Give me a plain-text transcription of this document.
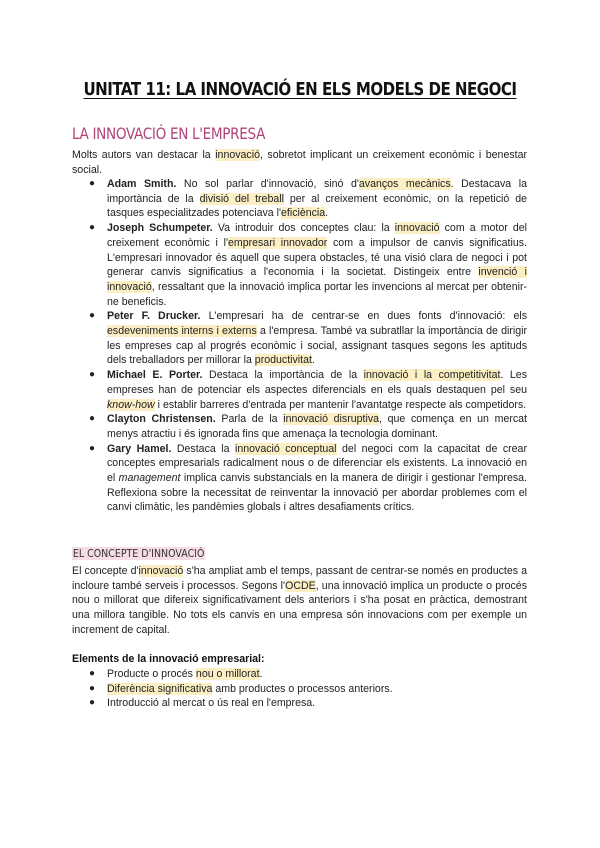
UNITAT 11: LA INNOVACIÓ EN ELS MODELS DE NEGOCI
LA INNOVACIÓ EN L'EMPRESA
Molts autors van destacar la innovació, sobretot implicant un creixement econòmic i benestar social.
● Adam Smith. No sol parlar d'innovació, sinó d'avanços mecànics. Destacava la importància de la divisió del treball per al creixement econòmic, on la repetició de tasques especialitzades potenciava l'eficiència.
● Joseph Schumpeter. Va introduir dos conceptes clau: la innovació com a motor del creixement econòmic i l'empresari innovador com a impulsor de canvis significatius. L'empresari innovador és aquell que supera obstacles, té una visió clara de negoci i pot generar canvis significatius a l'economia i la societat. Distingeix entre invenció i innovació, ressaltant que la innovació implica portar les invencions al mercat per obtenir-ne beneficis.
● Peter F. Drucker. L'empresari ha de centrar-se en dues fonts d'innovació: els esdeveniments interns i externs a l'empresa. També va subratllar la importància de dirigir les empreses cap al progrés econòmic i social, assignant tasques segons les aptituds dels treballadors per millorar la productivitat.
● Michael E. Porter. Destaca la importància de la innovació i la competitivitat. Les empreses han de potenciar els aspectes diferencials en els quals destaquen pel seu know-how i establir barreres d'entrada per mantenir l'avantatge respecte als competidors.
● Clayton Christensen. Parla de la innovació disruptiva, que comença en un mercat menys atractiu i és ignorada fins que amenaça la tecnologia dominant.
● Gary Hamel. Destaca la innovació conceptual del negoci com la capacitat de crear conceptes empresarials radicalment nous o de diferenciar els existents. La innovació en el management implica canvis substancials en la manera de dirigir i gestionar l'empresa. Reflexiona sobre la necessitat de reinventar la innovació per abordar problemes com el canvi climàtic, les pandèmies globals i altres desafiaments crítics.
EL CONCEPTE D'INNOVACIÓ
El concepte d'innovació s'ha ampliat amb el temps, passant de centrar-se només en productes a incloure també serveis i processos. Segons l'OCDE, una innovació implica un producte o procés nou o millorat que difereix significativament dels anteriors i s'ha posat en pràctica, demostrant una millora tangible. No tots els canvis en una empresa són innovacions com per exemple un increment de capital.
Elements de la innovació empresarial:
● Producte o procés nou o millorat.
● Diferència significativa amb productes o processos anteriors.
● Introducció al mercat o ús real en l'empresa.
